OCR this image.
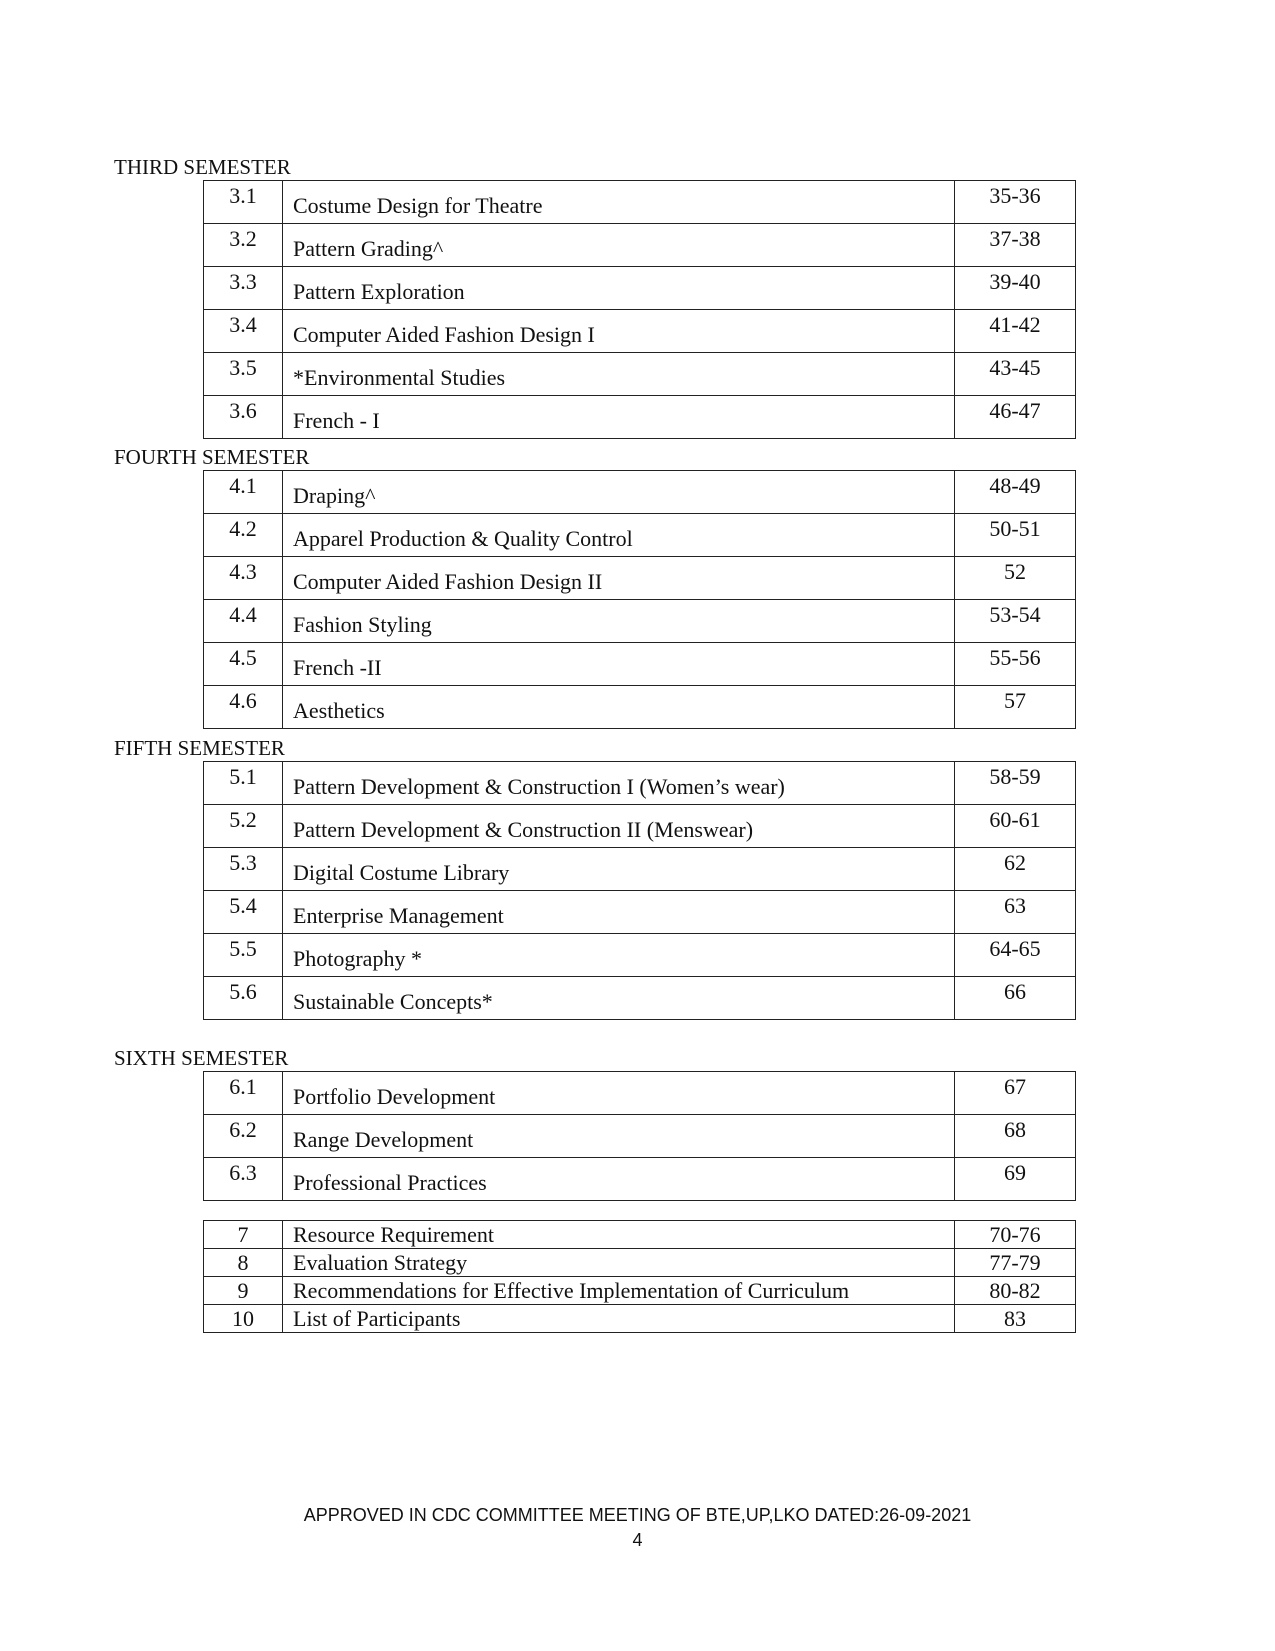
THIRD SEMESTER
3.1	Costume Design for Theatre	35-36
3.2	Pattern Grading^	37-38
3.3	Pattern Exploration	39-40
3.4	Computer Aided Fashion Design I	41-42
3.5	*Environmental Studies	43-45
3.6	French - I	46-47
FOURTH SEMESTER
4.1	Draping^	48-49
4.2	Apparel Production & Quality Control	50-51
4.3	Computer Aided Fashion Design II	52
4.4	Fashion Styling	53-54
4.5	French -II	55-56
4.6	Aesthetics	57
FIFTH SEMESTER
5.1	Pattern Development & Construction I (Women’s wear)	58-59
5.2	Pattern Development & Construction II (Menswear)	60-61
5.3	Digital Costume Library	62
5.4	Enterprise Management	63
5.5	Photography *	64-65
5.6	Sustainable Concepts*	66
SIXTH SEMESTER
6.1	Portfolio Development	67
6.2	Range Development	68
6.3	Professional Practices	69
7	Resource Requirement	70-76
8	Evaluation Strategy	77-79
9	Recommendations for Effective Implementation of Curriculum	80-82
10	List of Participants	83
APPROVED IN CDC COMMITTEE MEETING OF BTE,UP,LKO DATED:26-09-2021
4
